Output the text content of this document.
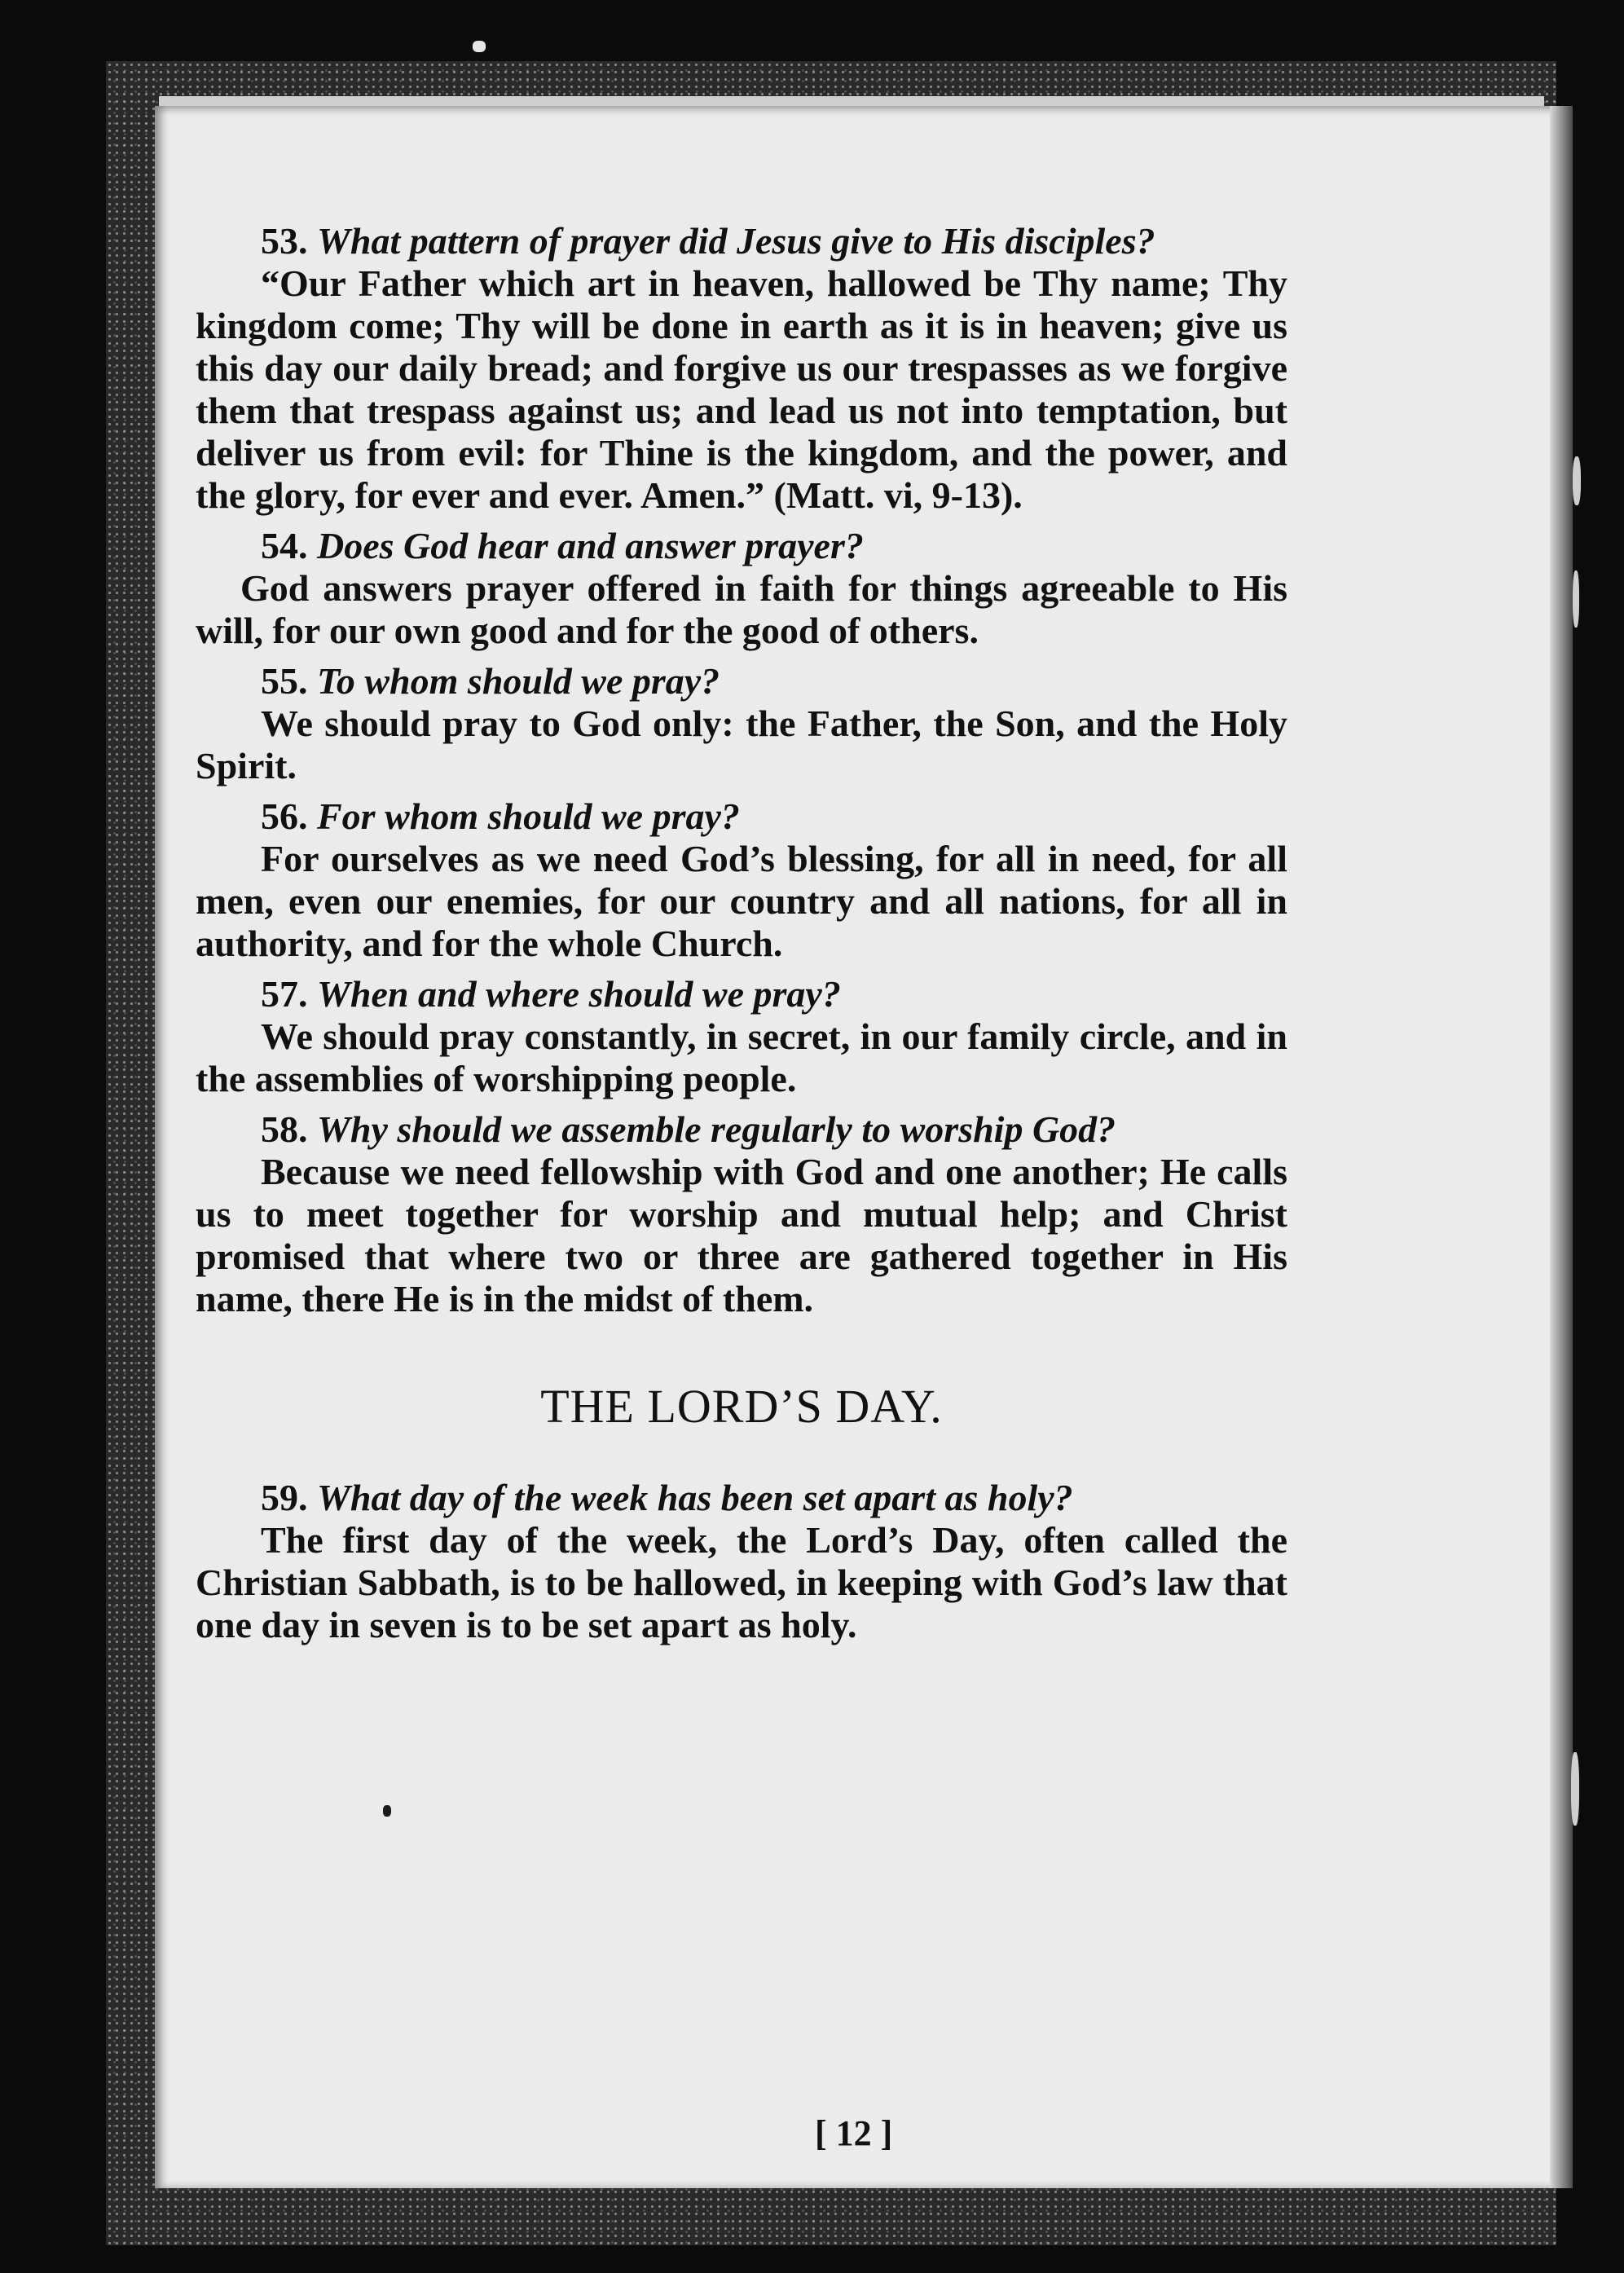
53. What pattern of prayer did Jesus give to His disciples?

“Our Father which art in heaven, hallowed be Thy name; Thy kingdom come; Thy will be done in earth as it is in heaven; give us this day our daily bread; and forgive us our trespasses as we forgive them that trespass against us; and lead us not into temptation, but deliver us from evil: for Thine is the kingdom, and the power, and the glory, for ever and ever. Amen.” (Matt. vi, 9-13).

54. Does God hear and answer prayer?

God answers prayer offered in faith for things agreeable to His will, for our own good and for the good of others.

55. To whom should we pray?

We should pray to God only: the Father, the Son, and the Holy Spirit.

56. For whom should we pray?

For ourselves as we need God’s blessing, for all in need, for all men, even our enemies, for our country and all nations, for all in authority, and for the whole Church.

57. When and where should we pray?

We should pray constantly, in secret, in our family circle, and in the assemblies of worshipping people.

58. Why should we assemble regularly to worship God?

Because we need fellowship with God and one another; He calls us to meet together for worship and mutual help; and Christ promised that where two or three are gathered together in His name, there He is in the midst of them.

THE LORD’S DAY.

59. What day of the week has been set apart as holy?

The first day of the week, the Lord’s Day, often called the Christian Sabbath, is to be hallowed, in keeping with God’s law that one day in seven is to be set apart as holy.

[ 12 ]
